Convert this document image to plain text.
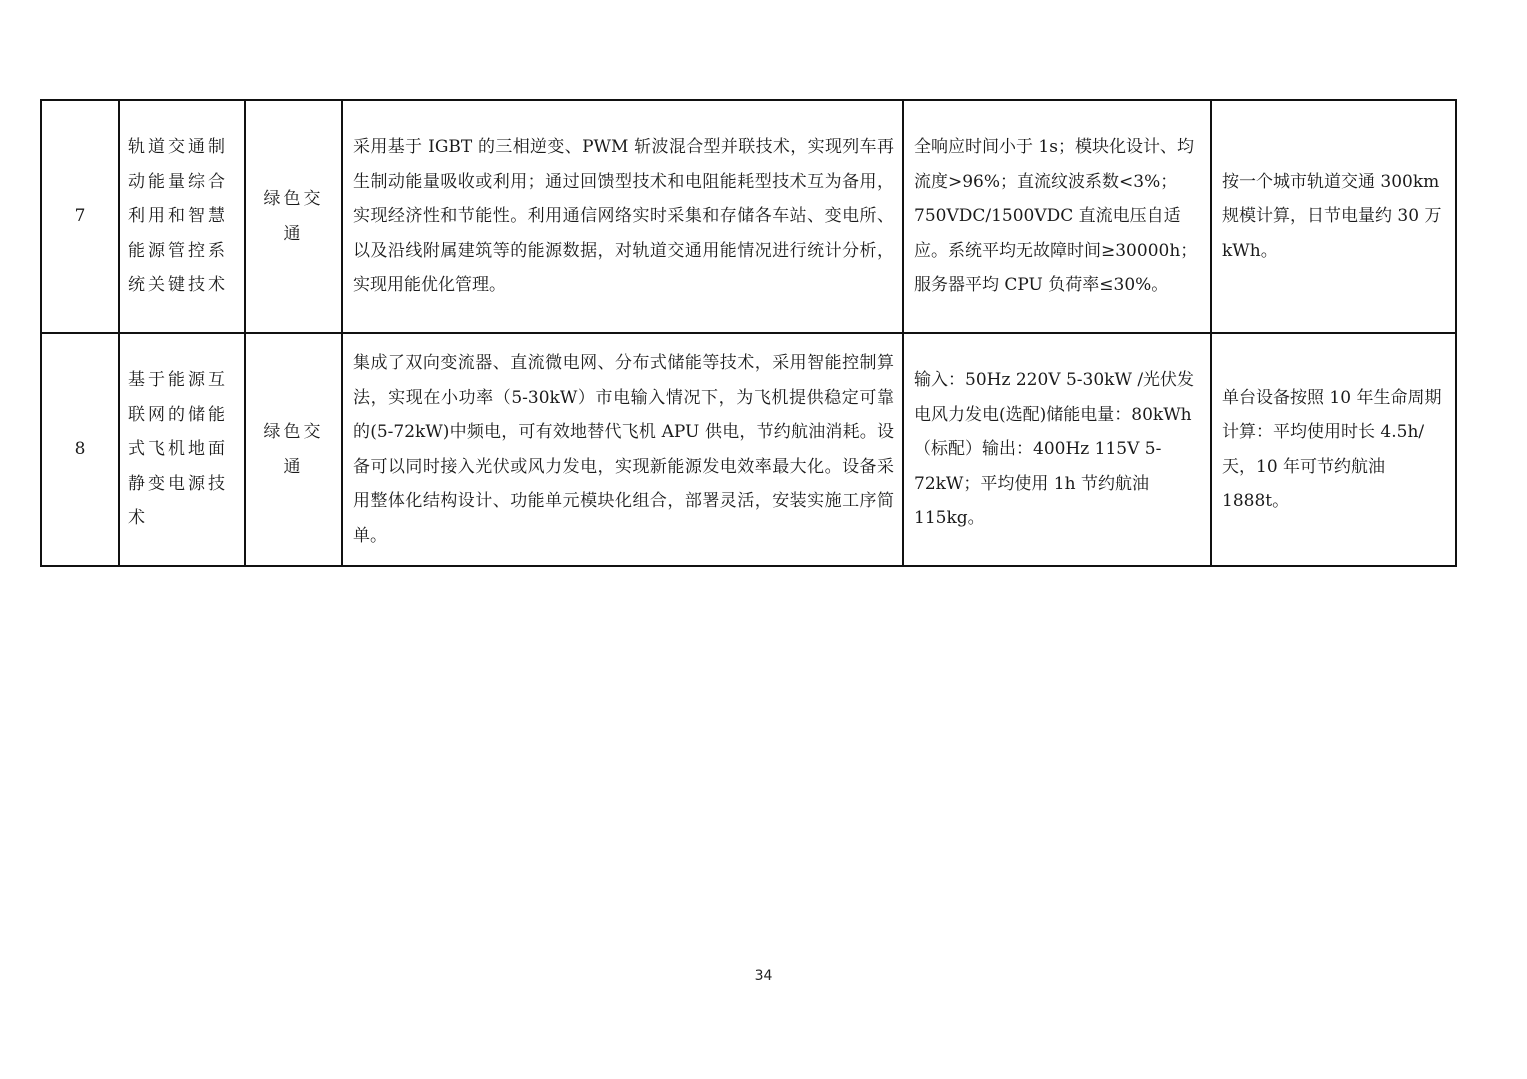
7	轨道交通制动能量综合利用和智慧能源管控系统关键技术	绿色交通	采用基于 IGBT 的三相逆变、PWM 斩波混合型并联技术，实现列车再生制动能量吸收或利用；通过回馈型技术和电阻能耗型技术互为备用，实现经济性和节能性。利用通信网络实时采集和存储各车站、变电所、以及沿线附属建筑等的能源数据，对轨道交通用能情况进行统计分析，实现用能优化管理。	全响应时间小于 1s；模块化设计、均流度>96%；直流纹波系数<3%；750VDC/1500VDC 直流电压自适应。系统平均无故障时间≥30000h；服务器平均 CPU 负荷率≤30%。	按一个城市轨道交通 300km 规模计算，日节电量约 30 万 kWh。

8	基于能源互联网的储能式飞机地面静变电源技术	绿色交通	集成了双向变流器、直流微电网、分布式储能等技术，采用智能控制算法，实现在小功率（5-30kW）市电输入情况下，为飞机提供稳定可靠的(5-72kW)中频电，可有效地替代飞机 APU 供电，节约航油消耗。设备可以同时接入光伏或风力发电，实现新能源发电效率最大化。设备采用整体化结构设计、功能单元模块化组合，部署灵活，安装实施工序简单。	输入：50Hz 220V 5-30kW /光伏发电风力发电(选配)储能电量：80kWh（标配）输出：400Hz 115V 5-72kW；平均使用 1h 节约航油 115kg。	单台设备按照 10 年生命周期计算：平均使用时长 4.5h/天，10 年可节约航油 1888t。
34
